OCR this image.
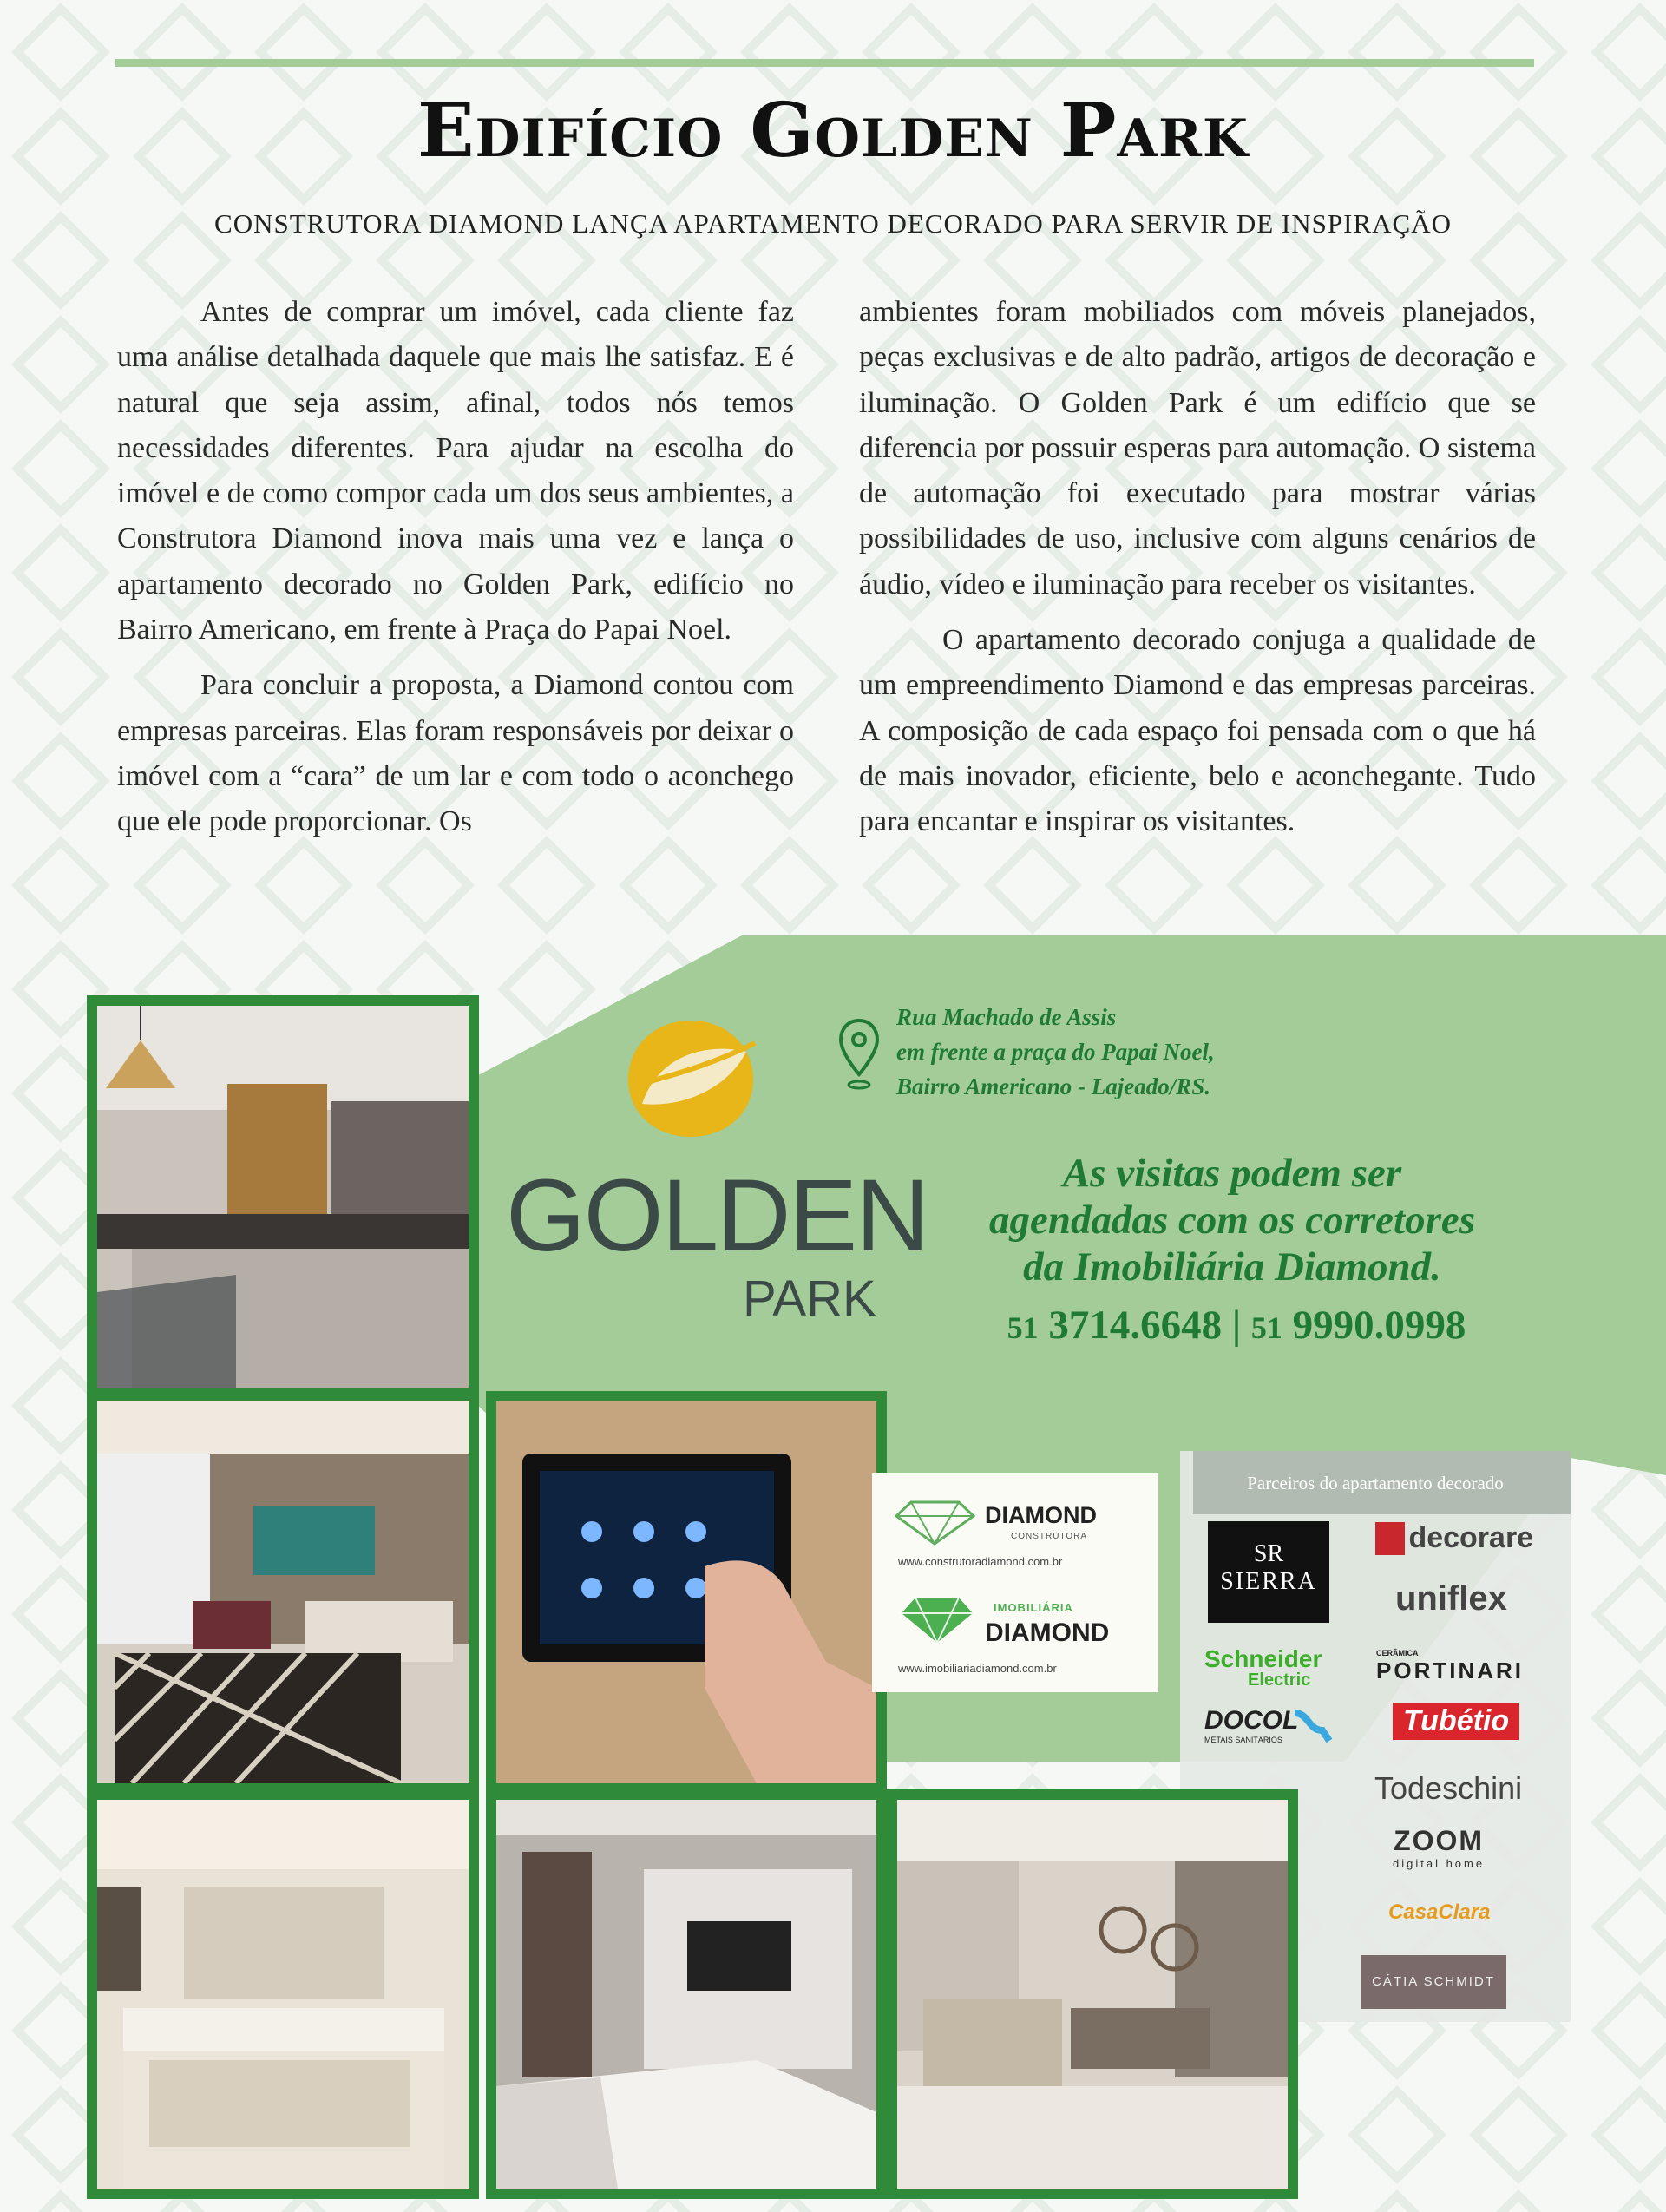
Edifício Golden Park
CONSTRUTORA DIAMOND LANÇA APARTAMENTO DECORADO PARA SERVIR DE INSPIRAÇÃO

Antes de comprar um imóvel, cada cliente faz uma análise detalhada daquele que mais lhe satisfaz. E é natural que seja assim, afinal, todos nós temos necessidades diferentes. Para ajudar na escolha do imóvel e de como compor cada um dos seus ambientes, a Construtora Diamond inova mais uma vez e lança o apartamento decorado no Golden Park, edifício no Bairro Americano, em frente à Praça do Papai Noel.

Para concluir a proposta, a Diamond contou com empresas parceiras. Elas foram responsáveis por deixar o imóvel com a “cara” de um lar e com todo o aconchego que ele pode proporcionar. Os

ambientes foram mobiliados com móveis planejados, peças exclusivas e de alto padrão, artigos de decoração e iluminação. O Golden Park é um edifício que se diferencia por possuir esperas para automação. O sistema de automação foi executado para mostrar várias possibilidades de uso, inclusive com alguns cenários de áudio, vídeo e iluminação para receber os visitantes.

O apartamento decorado conjuga a qualidade de um empreendimento Diamond e das empresas parceiras. A composição de cada espaço foi pensada com o que há de mais inovador, eficiente, belo e aconchegante. Tudo para encantar e inspirar os visitantes.

GOLDEN
PARK
Rua Machado de Assis
em frente a praça do Papai Noel,
Bairro Americano - Lajeado/RS.
As visitas podem ser
agendadas com os corretores
da Imobiliária Diamond.
51 3714.6648 | 51 9990.0998
DIAMOND
CONSTRUTORA
www.construtoradiamond.com.br
IMOBILIÁRIA
DIAMOND
www.imobiliariadiamond.com.br
Parceiros do apartamento decorado
SR
SIERRA
decorare
uniflex
Schneider
Electric
CERÂMICA
PORTINARI
DOCOL
METAIS SANITÁRIOS
Tubétio
Todeschini
ZOOM
digital home
CasaClara
CÁTIA SCHMIDT
